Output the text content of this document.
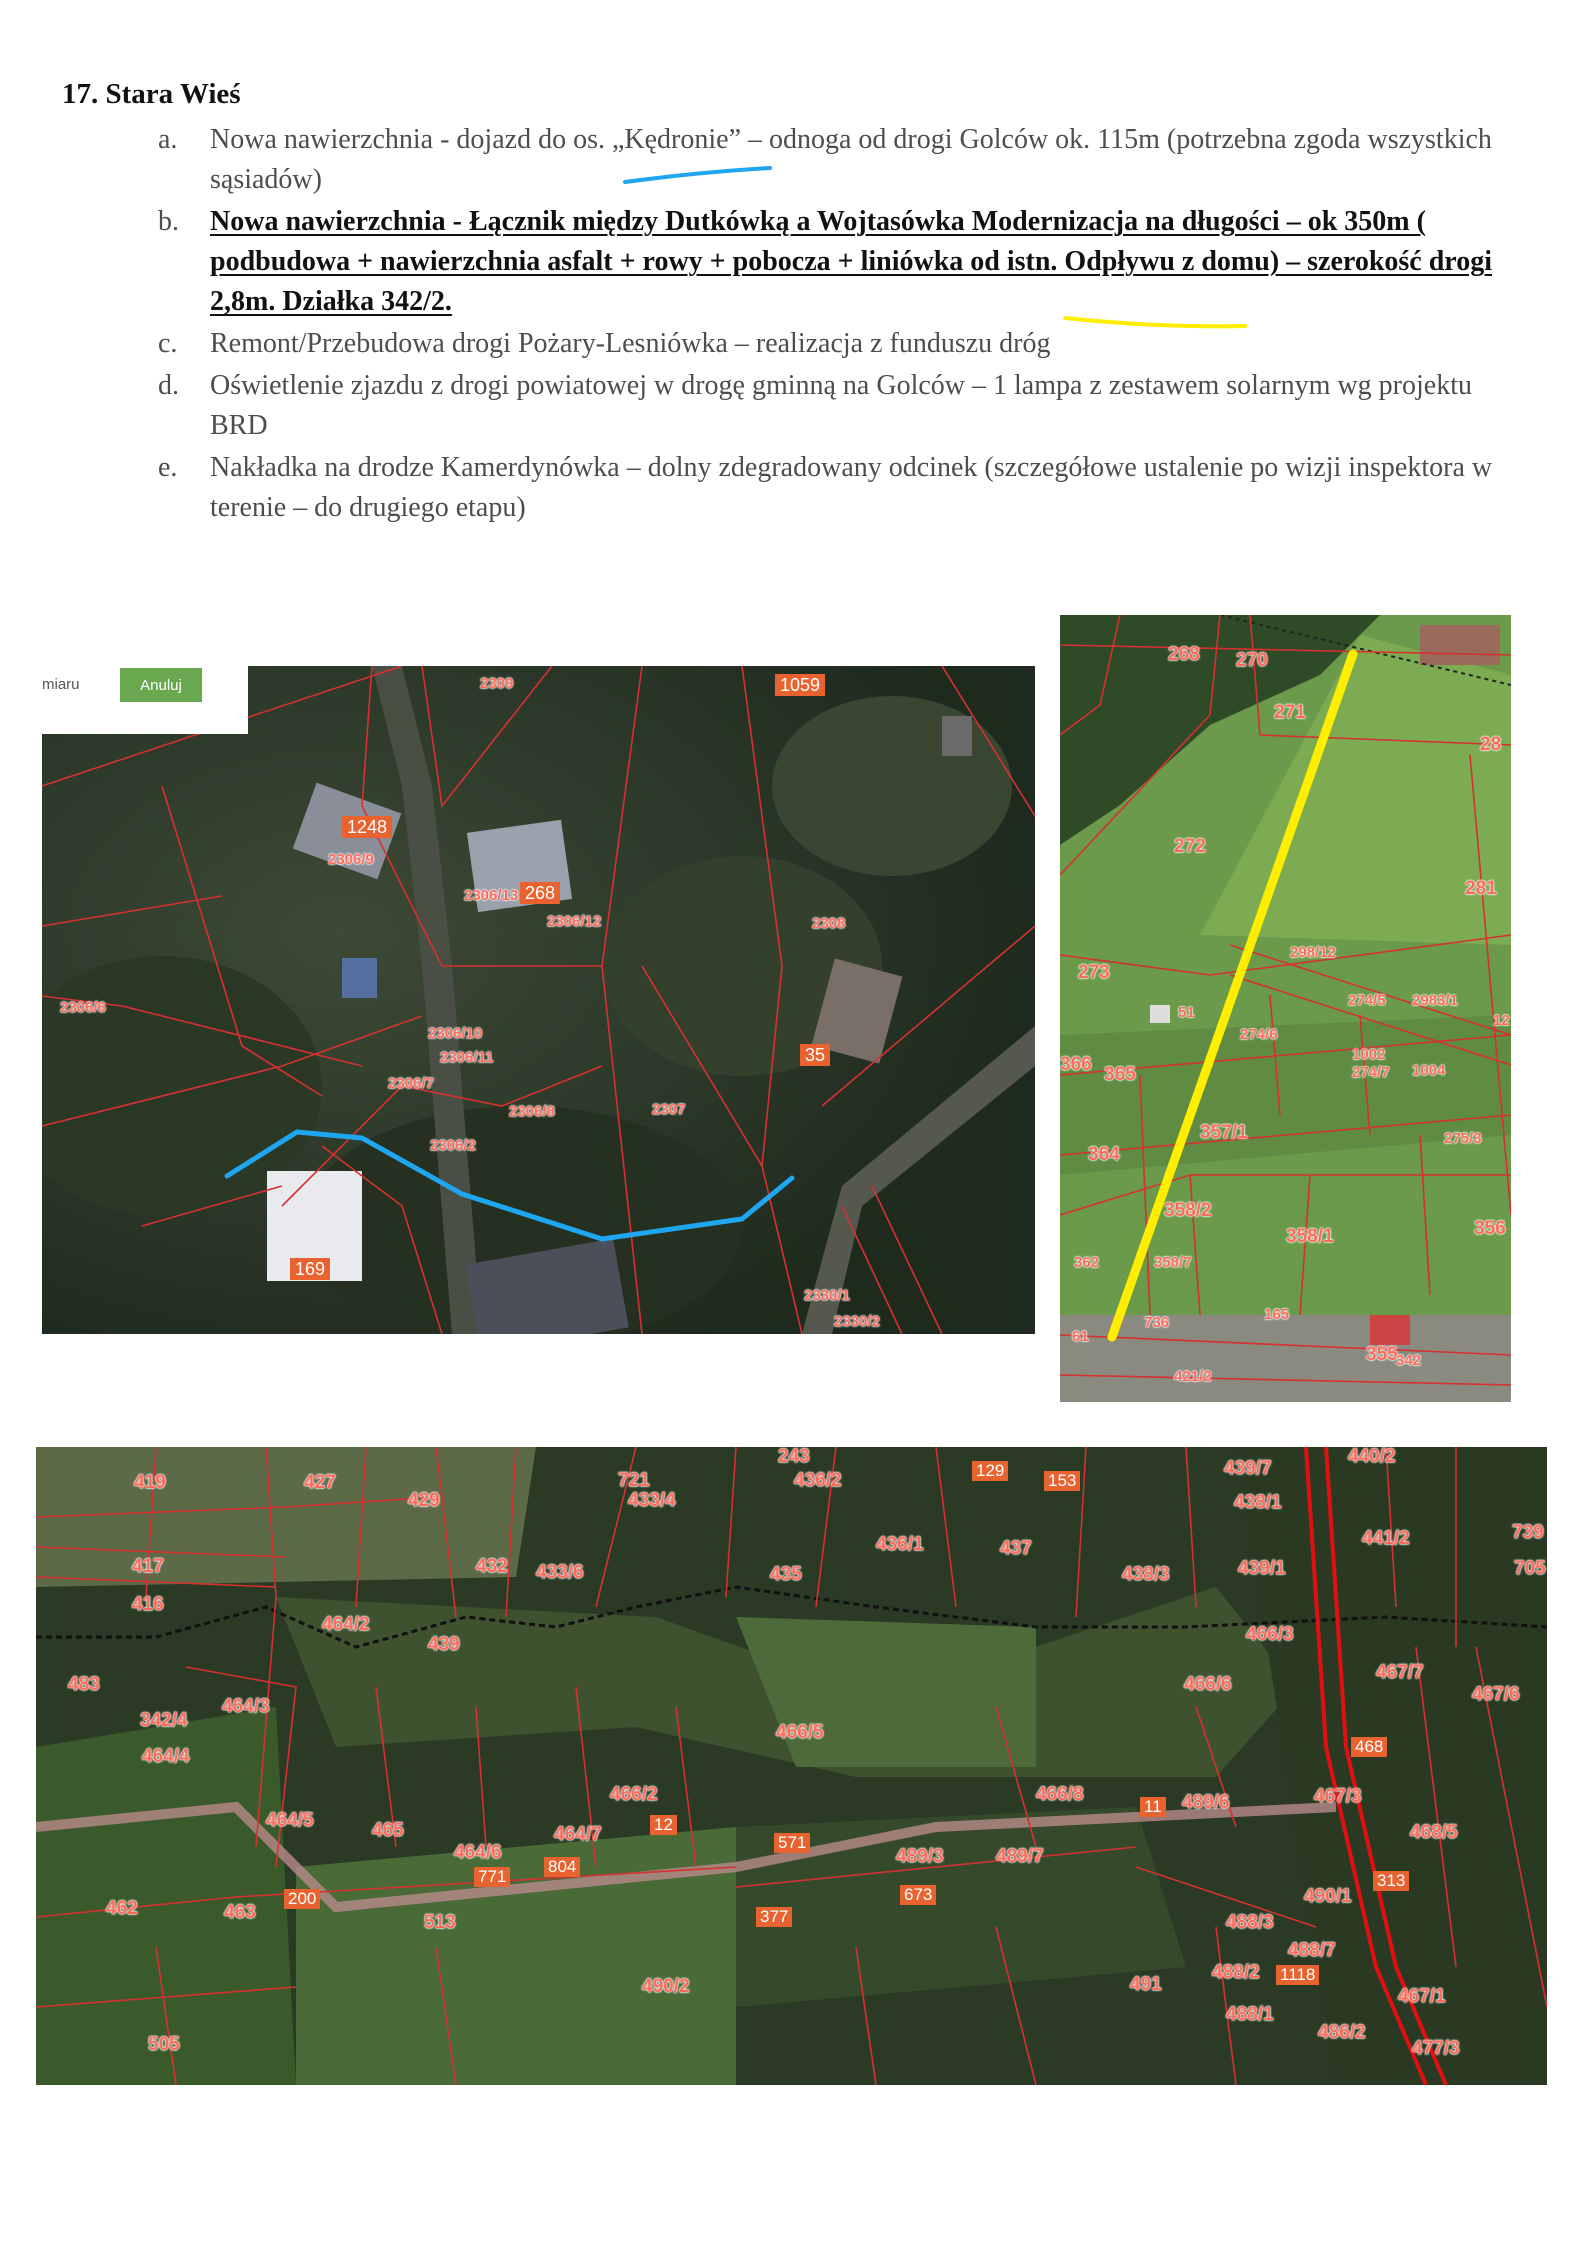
17. Stara Wieś
a. Nowa nawierzchnia - dojazd do os. „Kędronie” – odnoga od drogi Golców ok. 115m (potrzebna zgoda wszystkich sąsiadów)
b. Nowa nawierzchnia - Łącznik między Dutkówką a Wojtasówka Modernizacja na długości – ok 350m ( podbudowa + nawierzchnia asfalt + rowy + pobocza + liniówka od istn. Odpływu z domu) – szerokość drogi 2,8m. Działka 342/2.
c. Remont/Przebudowa drogi Pożary-Lesniówka – realizacja z funduszu dróg
d. Oświetlenie zjazdu z drogi powiatowej w drogę gminną na Golców – 1 lampa z zestawem solarnym wg projektu BRD
e. Nakładka na drodze Kamerdynówka – dolny zdegradowany odcinek (szczegółowe ustalenie po wizji inspektora w terenie – do drugiego etapu)
miaru	Anuluj	1059
1248
268
35
169
2309
2306/9
2306/13
2306/12	2308
2306/6
2306/10
2306/11
2306/7
2306/8	2307
2306/2
2330/1
2330/2
268 270
271
28
272
281
273
298/12
274/5 2983/1
274/6
1002
274/7 1004
366 365
357/1	275/3
364
358/2
356
358/1
362	358/7
736	165
355
342
421/2
12
51
61
129
153
12
804
771
571
673
377
200
468
313
1118
11
419	427
429
721
433/4
243
436/2
439/7
440/2
438/1
441/2	739
417	432 433/6	435
436/1	437
438/3	439/1	705
416
464/2
439	466/3
467/7
483	466/6	467/6
342/4
464/3
466/5
464/4
466/2	466/8	489/6	467/3
464/5	465
464/6
464/7
489/3	489/7
468/5
462	463	513
490/1
488/3
488/7
490/2	491
488/2
467/1
488/1
486/2
505	477/3
